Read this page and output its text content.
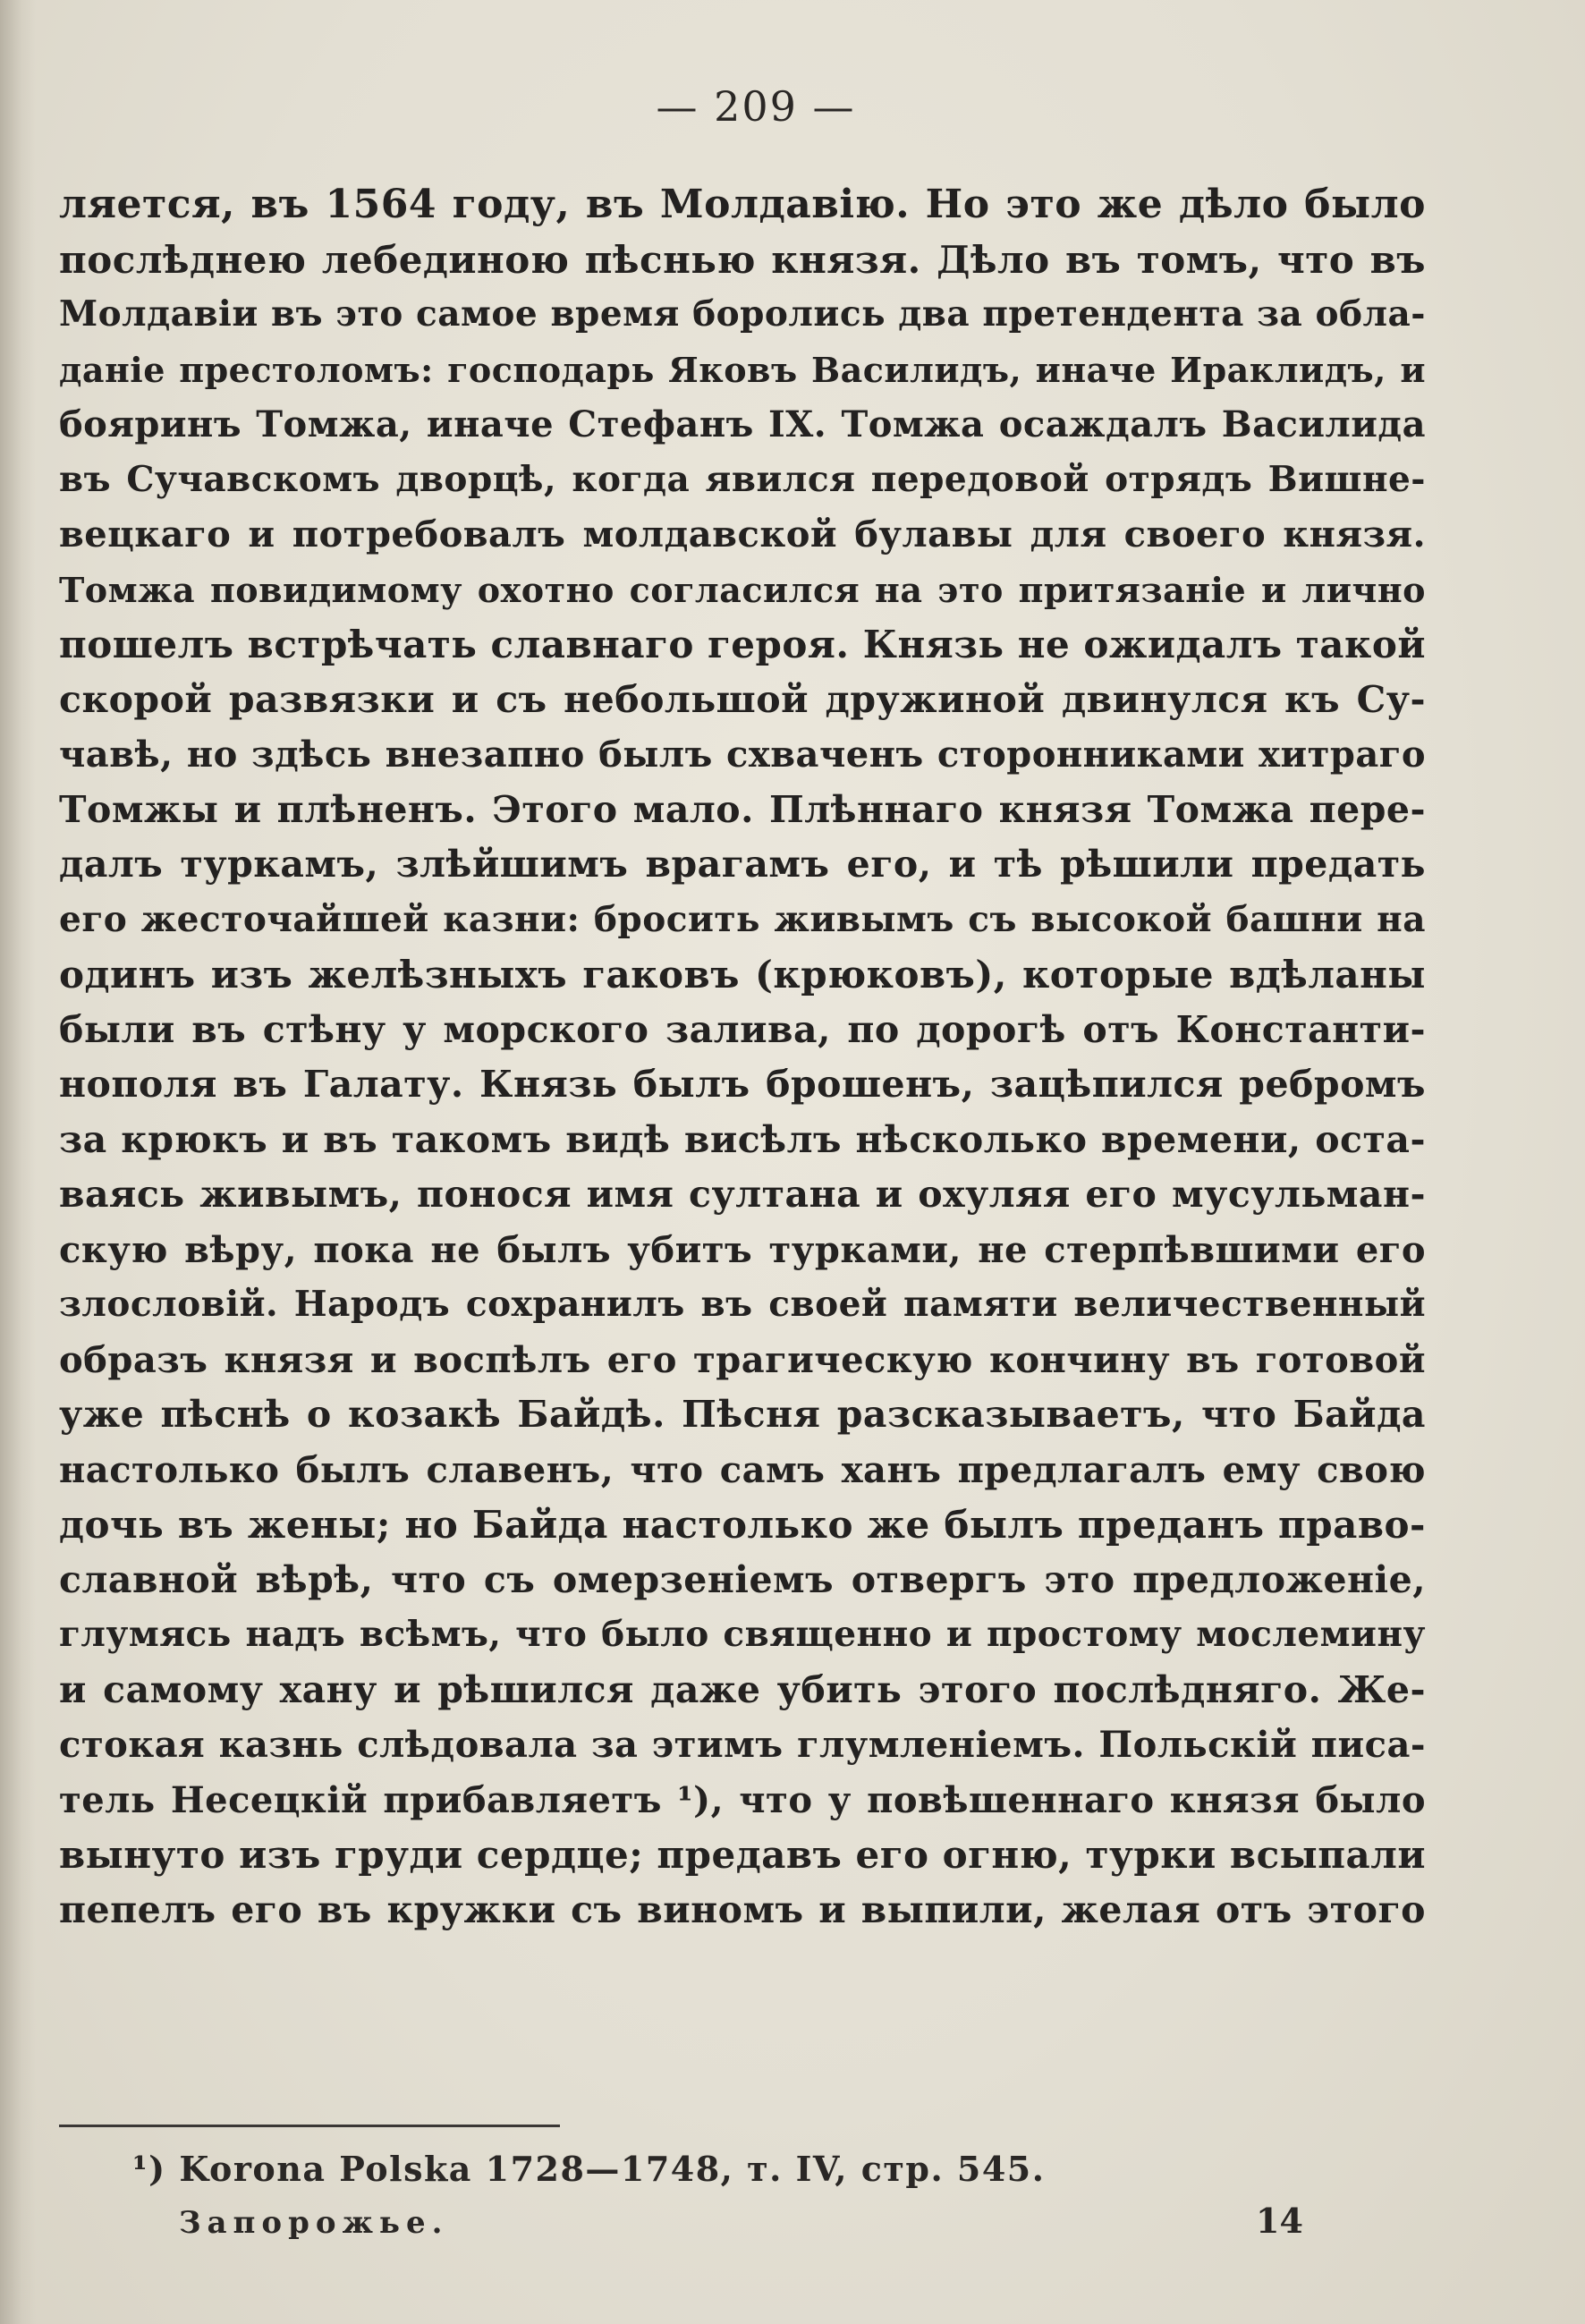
— 209 —
ляется, въ 1564 году, въ Молдавію. Но это же дѣло было
послѣднею лебединою пѣснью князя. Дѣло въ томъ, что въ
Молдавіи въ это самое время боролись два претендента за обла-
даніе престоломъ: господарь Яковъ Василидъ, иначе Ираклидъ, и
бояринъ Томжа, иначе Стефанъ IX. Томжа осаждалъ Василида
въ Сучавскомъ дворцѣ, когда явился передовой отрядъ Вишне-
вецкаго и потребовалъ молдавской булавы для своего князя.
Томжа повидимому охотно согласился на это притязаніе и лично
пошелъ встрѣчать славнаго героя. Князь не ожидалъ такой
скорой развязки и съ небольшой дружиной двинулся къ Су-
чавѣ, но здѣсь внезапно былъ схваченъ сторонниками хитраго
Томжы и плѣненъ. Этого мало. Плѣннаго князя Томжа пере-
далъ туркамъ, злѣйшимъ врагамъ его, и тѣ рѣшили предать
его жесточайшей казни: бросить живымъ съ высокой башни на
одинъ изъ желѣзныхъ гаковъ (крюковъ), которые вдѣланы
были въ стѣну у морского залива, по дорогѣ отъ Константи-
нополя въ Галату. Князь былъ брошенъ, зацѣпился ребромъ
за крюкъ и въ такомъ видѣ висѣлъ нѣсколько времени, оста-
ваясь живымъ, понося имя султана и охуляя его мусульман-
скую вѣру, пока не былъ убитъ турками, не стерпѣвшими его
злословій. Народъ сохранилъ въ своей памяти величественный
образъ князя и воспѣлъ его трагическую кончину въ готовой
уже пѣснѣ о козакѣ Байдѣ. Пѣсня разсказываетъ, что Байда
настолько былъ славенъ, что самъ ханъ предлагалъ ему свою
дочь въ жены; но Байда настолько же былъ преданъ право-
славной вѣрѣ, что съ омерзеніемъ отвергъ это предложеніе,
глумясь надъ всѣмъ, что было священно и простому мослемину
и самому хану и рѣшился даже убить этого послѣдняго. Же-
стокая казнь слѣдовала за этимъ глумленіемъ. Польскій писа-
тель Несецкій прибавляетъ ¹), что у повѣшеннаго князя было
вынуто изъ груди сердце; предавъ его огню, турки всыпали
пепелъ его въ кружки съ виномъ и выпили, желая отъ этого
¹) Korona Polska 1728—1748, т. IV, стр. 545.
Запорожье.	14
